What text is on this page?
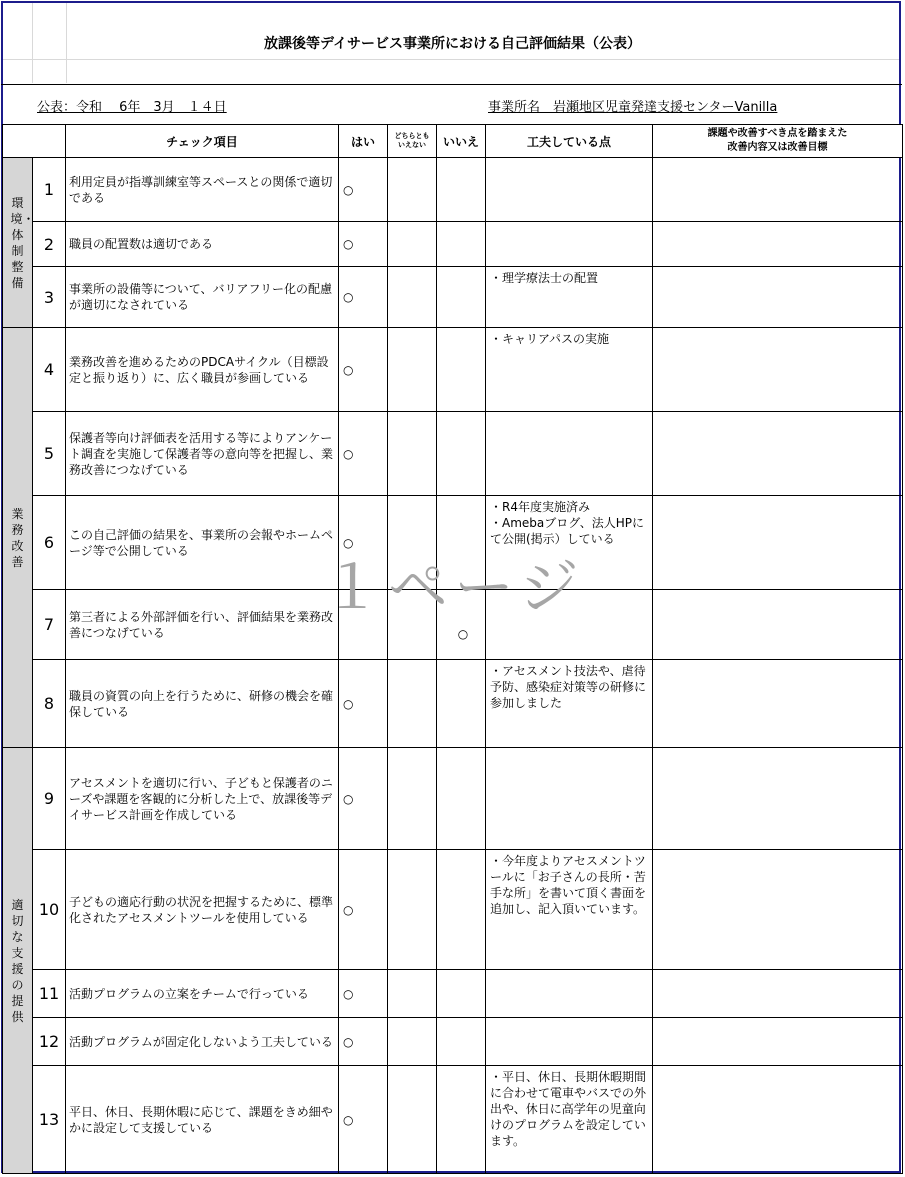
放課後等デイサービス事業所における自己評価結果（公表）
公表：令和　 6年　3月　１４日	事業所名　岩瀬地区児童発達支援センターVanilla
		チェック項目	はい	どちらとも
いえない	いいえ	工夫している点	課題や改善すべき点を踏まえた
改善内容又は改善目標
環境・体制整備	1	利用定員が指導訓練室等スペースとの関係で適切である	○				
	2	職員の配置数は適切である	○				
	3	事業所の設備等について、バリアフリー化の配慮が適切になされている	○			・理学療法士の配置	
業務改善	4	業務改善を進めるためのPDCAサイクル（目標設定と振り返り）に、広く職員が参画している	○			・キャリアパスの実施	
	5	保護者等向け評価表を活用する等によりアンケート調査を実施して保護者等の意向等を把握し、業務改善につなげている	○				
	6	この自己評価の結果を、事業所の会報やホームページ等で公開している	○			・R4年度実施済み
・Amebaブログ、法人HPにて公開(掲示）している	
	7	第三者による外部評価を行い、評価結果を業務改善につなげている			○		
	8	職員の資質の向上を行うために、研修の機会を確保している	○			・アセスメント技法や、虐待予防、感染症対策等の研修に参加しました	
適切な支援の提供	9	アセスメントを適切に行い、子どもと保護者のニーズや課題を客観的に分析した上で、放課後等デイサービス計画を作成している	○				
	10	子どもの適応行動の状況を把握するために、標準化されたアセスメントツールを使用している	○			・今年度よりアセスメントツールに「お子さんの長所・苦手な所」を書いて頂く書面を追加し、記入頂いています。	
	11	活動プログラムの立案をチームで行っている	○				
	12	活動プログラムが固定化しないよう工夫している	○				
	13	平日、休日、長期休暇に応じて、課題をきめ細やかに設定して支援している	○			・平日、休日、長期休暇期間に合わせて電車やバスでの外出や、休日に高学年の児童向けのプログラムを設定しています。	
１ページ
